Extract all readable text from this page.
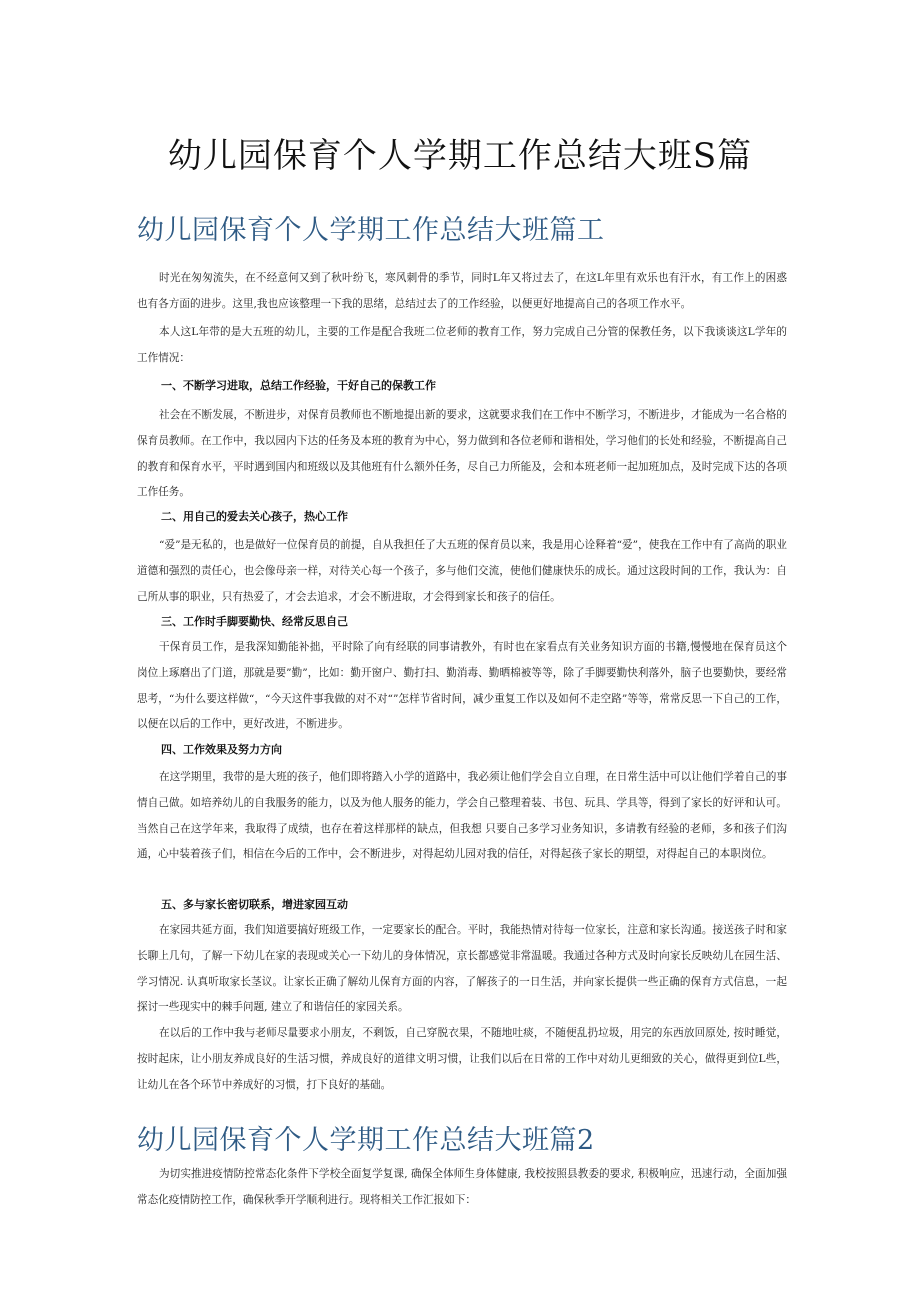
幼儿园保育个人学期工作总结大班S篇
幼儿园保育个人学期工作总结大班篇工

时光在匆匆流失，在不经意何又到了秋叶纷飞，寒风刺骨的季节，同时L年又将过去了，在这L年里有欢乐也有汗水，有工作上的困惑也有各方面的进步。这里,我也应该整理一下我的思绪，总结过去了的工作经验，以便更好地提高自己的各项工作水平。

本人这L年带的是大五班的幼儿，主要的工作是配合我班二位老师的教育工作，努力完成自己分管的保教任务，以下我谈谈这L学年的工作情况：

一、不断学习进取，总结工作经验，干好自己的保教工作

社会在不断发展，不断进步，对保育员教师也不断地提出新的要求，这就要求我们在工作中不断学习，不断进步，才能成为一名合格的保育员教师。在工作中，我以园内下达的任务及本班的教育为中心，努力做到和各位老师和谐相处，学习他们的长处和经验，不断提高自己的教育和保育水平，平时遇到国内和班级以及其他班有什么额外任务，尽自己力所能及，会和本班老师一起加班加点，及时完成下达的各项工作任务。

二、用自己的爱去关心孩子，热心工作

“爱”是无私的，也是做好一位保育员的前提，自从我担任了大五班的保育员以来，我是用心诠释着“爱”，使我在工作中有了高尚的职业道德和强烈的责任心，也会像母亲一样，对待关心每一个孩子，多与他们交流，使他们健康快乐的成长。通过这段时间的工作，我认为：自己所从事的职业，只有热爱了，才会去追求，才会不断进取，才会得到家长和孩子的信任。

三、工作时手脚要勤快、经常反思自己

干保育员工作，是我深知勤能补拙，平时除了向有经联的同事请教外，有时也在家看点有关业务知识方面的书籍,慢慢地在保育员这个岗位上琢磨出了门道，那就是要”勤”，比如：勤开窗户、勤打扫、勤消毒、勤晒棉被等等，除了手脚要勤快利落外，脑子也要勤快，要经常思考，“为什么要这样做“，“今天这件事我做的对不对“”怎样节省时间，减少重复工作以及如何不走空路”等等，常常反思一下自己的工作，以便在以后的工作中，更好改进，不断进步。

四、工作效果及努力方向

在这学期里，我带的是大班的孩子，他们即将踏入小学的道路中，我必须让他们学会自立自理，在日常生活中可以让他们学着自己的事情自己做。如培养幼儿的自我服务的能力，以及为他人服务的能力，学会自己整理着装、书包、玩具、学具等，得到了家长的好评和认可。当然自己在这学年来，我取得了成绩，也存在着这样那样的缺点，但我想 只要自己多学习业务知识，多请教有经验的老师，多和孩子们沟通，心中装着孩子们，相信在今后的工作中，会不断进步，对得起幼儿园对我的信任，对得起孩子家长的期望，对得起自己的本职岗位。

五、多与家长密切联系，增进家园互动

在家园共延方面，我们知道要搞好班级工作，一定要家长的配合。平时，我能热情对待每一位家长，注意和家长沟通。接送孩子时和家长聊上几句，了解一下幼儿在家的表现或关心一下幼儿的身体情况，京长都感觉非常温暖。我通过各种方式及时向家长反映幼儿在园生活、学习情况. 认真听取家长茎议。让家长正确了解幼儿保育方面的内容，了解孩子的一日生活，并向家长提供一些正确的保育方式信息，一起探讨一些现实中的棘手问题, 建立了和谐信任的家园关系。

在以后的工作中我与老师尽量要求小朋友，不剩饭，自己穿脱衣果，不随地吐痰，不随便乱扔垃圾，用完的东西放回原处, 按时睡觉，按时起床，让小朋友养成良好的生活习惯，养成良好的道律文明习惯，让我们以后在日常的工作中对幼儿更细致的关心，做得更到位L些，让幼儿在各个环节中养成好的习惯，打下良好的基础。

幼儿园保育个人学期工作总结大班篇2

为切实推进疫情防控常态化条件下学校全面复学复课, 确保全体师生身体健康, 我校按照县教委的要求, 积极响应，迅速行动，全面加强常态化疫情防控工作，确保秋季开学顺利进行。现将相关工作汇报如下：
